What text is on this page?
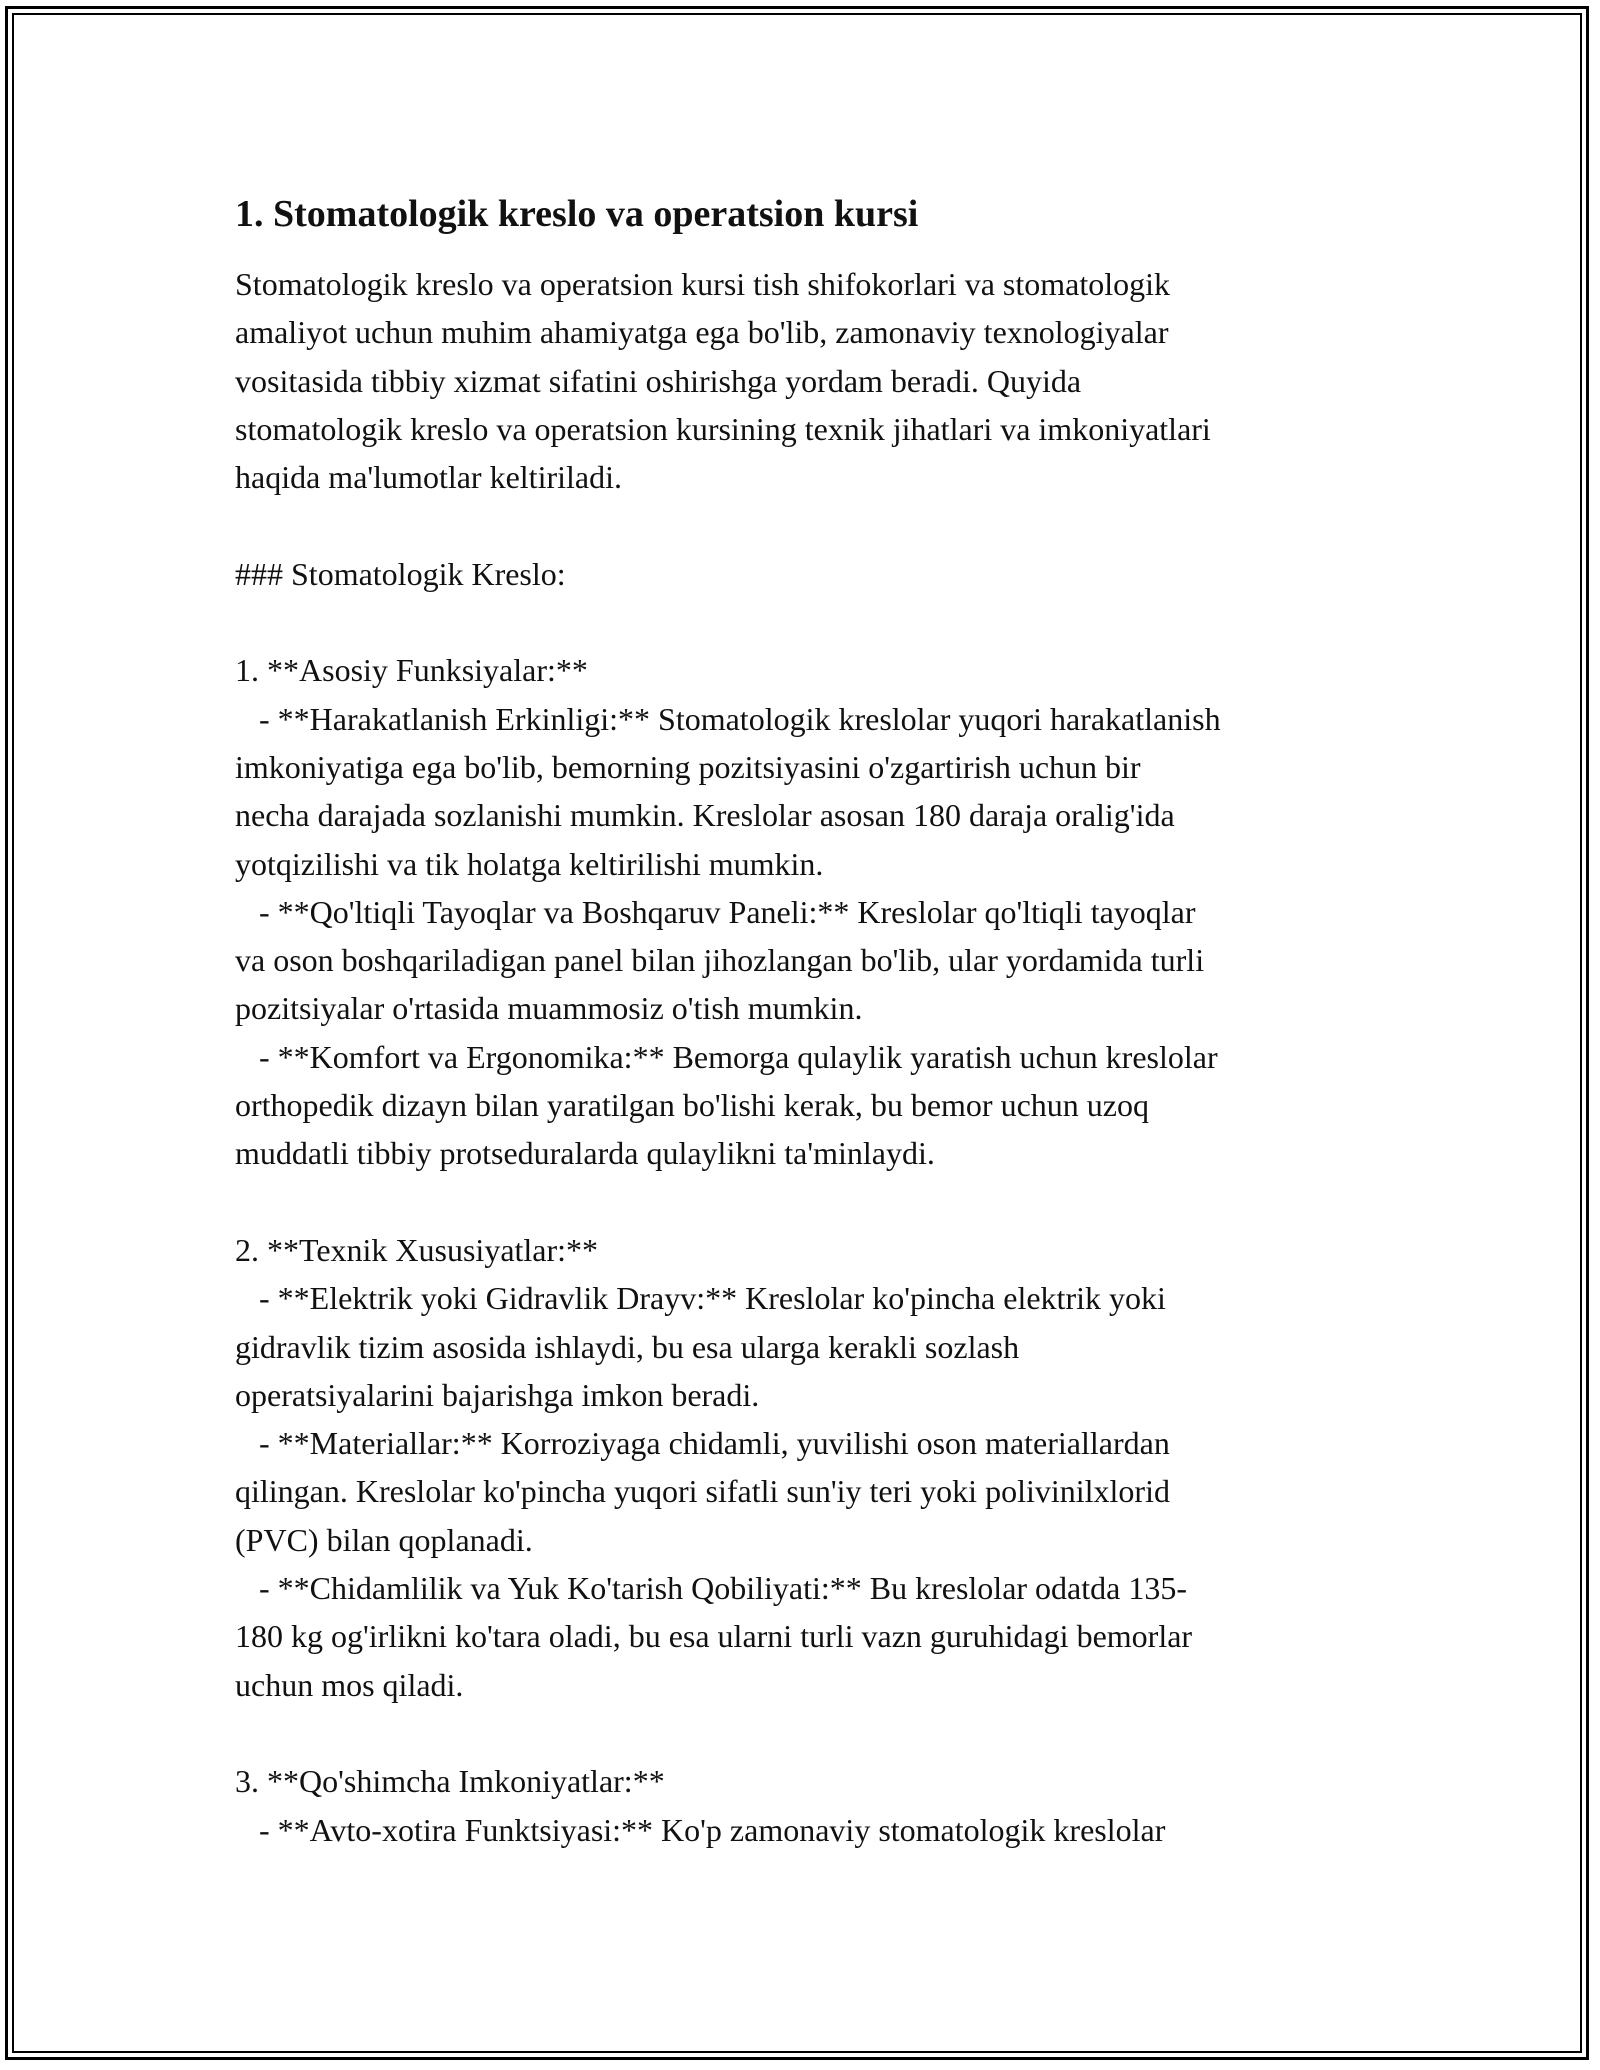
1. Stomatologik kreslo va operatsion kursi

Stomatologik kreslo va operatsion kursi tish shifokorlari va stomatologik
amaliyot uchun muhim ahamiyatga ega bo'lib, zamonaviy texnologiyalar
vositasida tibbiy xizmat sifatini oshirishga yordam beradi. Quyida
stomatologik kreslo va operatsion kursining texnik jihatlari va imkoniyatlari
haqida ma'lumotlar keltiriladi.

### Stomatologik Kreslo:

1. **Asosiy Funksiyalar:**
- **Harakatlanish Erkinligi:** Stomatologik kreslolar yuqori harakatlanish
imkoniyatiga ega bo'lib, bemorning pozitsiyasini o'zgartirish uchun bir
necha darajada sozlanishi mumkin. Kreslolar asosan 180 daraja oralig'ida
yotqizilishi va tik holatga keltirilishi mumkin.
- **Qo'ltiqli Tayoqlar va Boshqaruv Paneli:** Kreslolar qo'ltiqli tayoqlar
va oson boshqariladigan panel bilan jihozlangan bo'lib, ular yordamida turli
pozitsiyalar o'rtasida muammosiz o'tish mumkin.
- **Komfort va Ergonomika:** Bemorga qulaylik yaratish uchun kreslolar
orthopedik dizayn bilan yaratilgan bo'lishi kerak, bu bemor uchun uzoq
muddatli tibbiy protseduralarda qulaylikni ta'minlaydi.

2. **Texnik Xususiyatlar:**
- **Elektrik yoki Gidravlik Drayv:** Kreslolar ko'pincha elektrik yoki
gidravlik tizim asosida ishlaydi, bu esa ularga kerakli sozlash
operatsiyalarini bajarishga imkon beradi.
- **Materiallar:** Korroziyaga chidamli, yuvilishi oson materiallardan
qilingan. Kreslolar ko'pincha yuqori sifatli sun'iy teri yoki polivinilxlorid
(PVC) bilan qoplanadi.
- **Chidamlilik va Yuk Ko'tarish Qobiliyati:** Bu kreslolar odatda 135-
180 kg og'irlikni ko'tara oladi, bu esa ularni turli vazn guruhidagi bemorlar
uchun mos qiladi.

3. **Qo'shimcha Imkoniyatlar:**
- **Avto-xotira Funktsiyasi:** Ko'p zamonaviy stomatologik kreslolar
